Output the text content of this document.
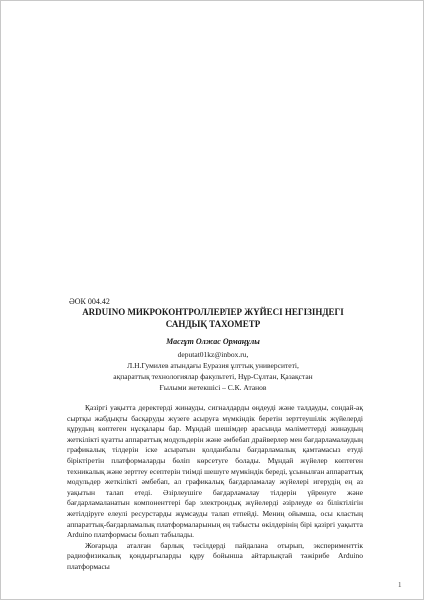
ӘОК 004.42
ARDUINO МИКРОКОНТРОЛЛЕРЛЕР ЖҮЙЕСІ НЕГІЗІНДЕГІ САНДЫҚ ТАХОМЕТР
Масгұт Олжас Ормаңұлы
deputat01kz@inbox.ru,
Л.Н.Гумилев атындағы Еуразия ұлттық университеті,
ақпараттық технологиялар факультеті, Нұр-Сұлтан, Қазақстан
Ғылыми жетекшісі – С.К. Атанов

Қазіргі уақытта деректерді жинауды, сигналдарды өңдеуді және талдауды, сондай-ақ сыртқы жабдықты басқаруды жүзеге асыруға мүмкіндік беретін зерттеушілік жүйелерді құрудың көптеген нұсқалары бар. Мұндай шешімдер арасында мәліметтерді жинаудың жеткілікті қуатты аппараттық модульдерін және әмбебап драйверлер мен бағдарламалаудың графикалық тілдерін іске асыратын қолданбалы бағдарламалық қамтамасыз етуді біріктіретін платформаларды бөліп көрсетуге болады. Мұндай жүйелер көптеген техникалық және зерттеу есептерін тиімді шешуге мүмкіндік береді, ұсынылған аппараттық модульдер жеткілікті әмбебап, ал графикалық бағдарламалау жүйелері игерудің ең аз уақытын талап етеді. Әзірлеушіге бағдарламалау тілдерін үйренуге және бағдарламаланатын компоненттері бар электрондық жүйелерді әзірлеуде өз біліктілігін жетілдіруге елеулі ресурстарды жұмсауды талап етпейді. Мениң ойымша, осы кластың аппараттық-бағдарламалық платформаларының ең табысты өкілдерінің бірі қазіргі уақытта Arduino платформасы болып табылады.

Жоғарыда аталған барлық тәсілдерді пайдалана отырып, эксперименттік радиофизикалық қондырғыларды құру бойынша айтарлықтай тәжірибе Arduino платформасы

1
